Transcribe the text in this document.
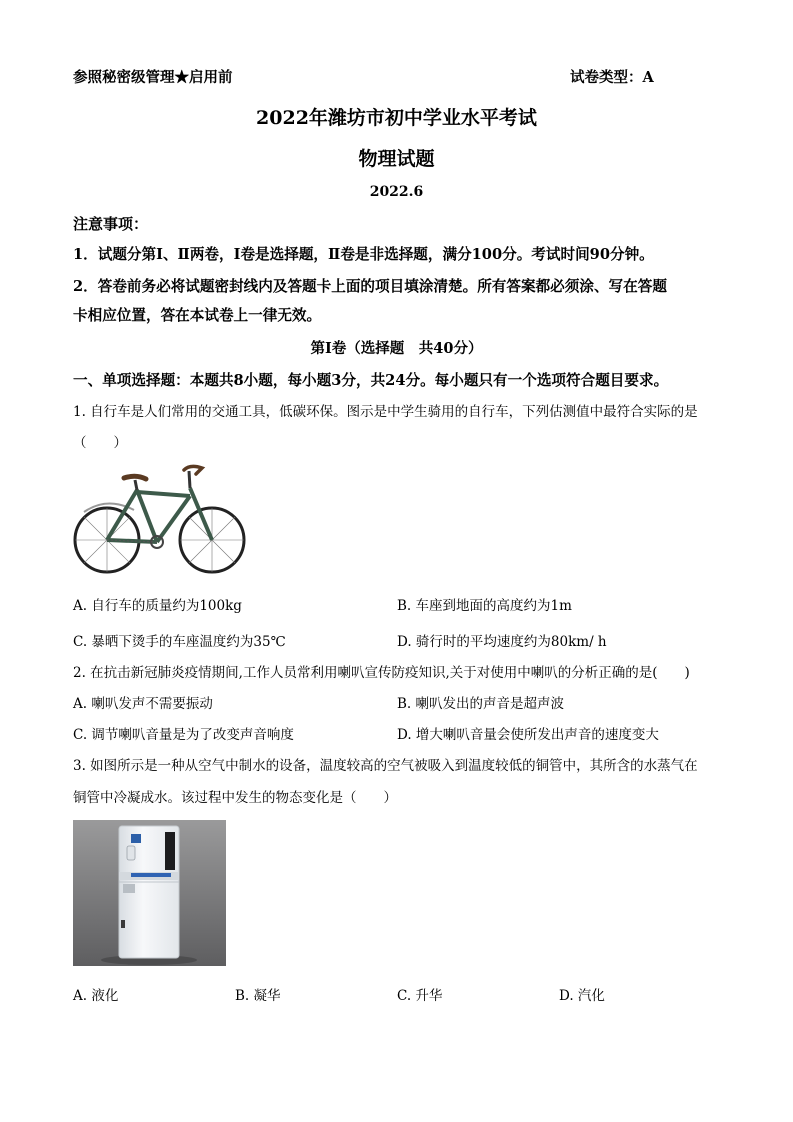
参照秘密级管理★启用前	试卷类型：A
2022年潍坊市初中学业水平考试
物理试题
2022.6
注意事项：
1．试题分第Ⅰ、Ⅱ两卷，Ⅰ卷是选择题，Ⅱ卷是非选择题，满分100分。考试时间90分钟。
2．答卷前务必将试题密封线内及答题卡上面的项目填涂清楚。所有答案都必须涂、写在答题
卡相应位置，答在本试卷上一律无效。
第Ⅰ卷（选择题　共40分）
一、单项选择题：本题共8小题，每小题3分，共24分。每小题只有一个选项符合题目要求。
1. 自行车是人们常用的交通工具，低碳环保。图示是中学生骑用的自行车，下列估测值中最符合实际的是
（　　）
A. 自行车的质量约为100kg	B. 车座到地面的高度约为1m
C. 暴晒下烫手的车座温度约为35℃	D. 骑行时的平均速度约为80km/ h
2. 在抗击新冠肺炎疫情期间,工作人员常利用喇叭宣传防疫知识,关于对使用中喇叭的分析正确的是(　　)
A. 喇叭发声不需要振动	B. 喇叭发出的声音是超声波
C. 调节喇叭音量是为了改变声音响度	D. 增大喇叭音量会使所发出声音的速度变大
3. 如图所示是一种从空气中制水的设备，温度较高的空气被吸入到温度较低的铜管中，其所含的水蒸气在
铜管中冷凝成水。该过程中发生的物态变化是（　　）
A. 液化	B. 凝华	C. 升华	D. 汽化
